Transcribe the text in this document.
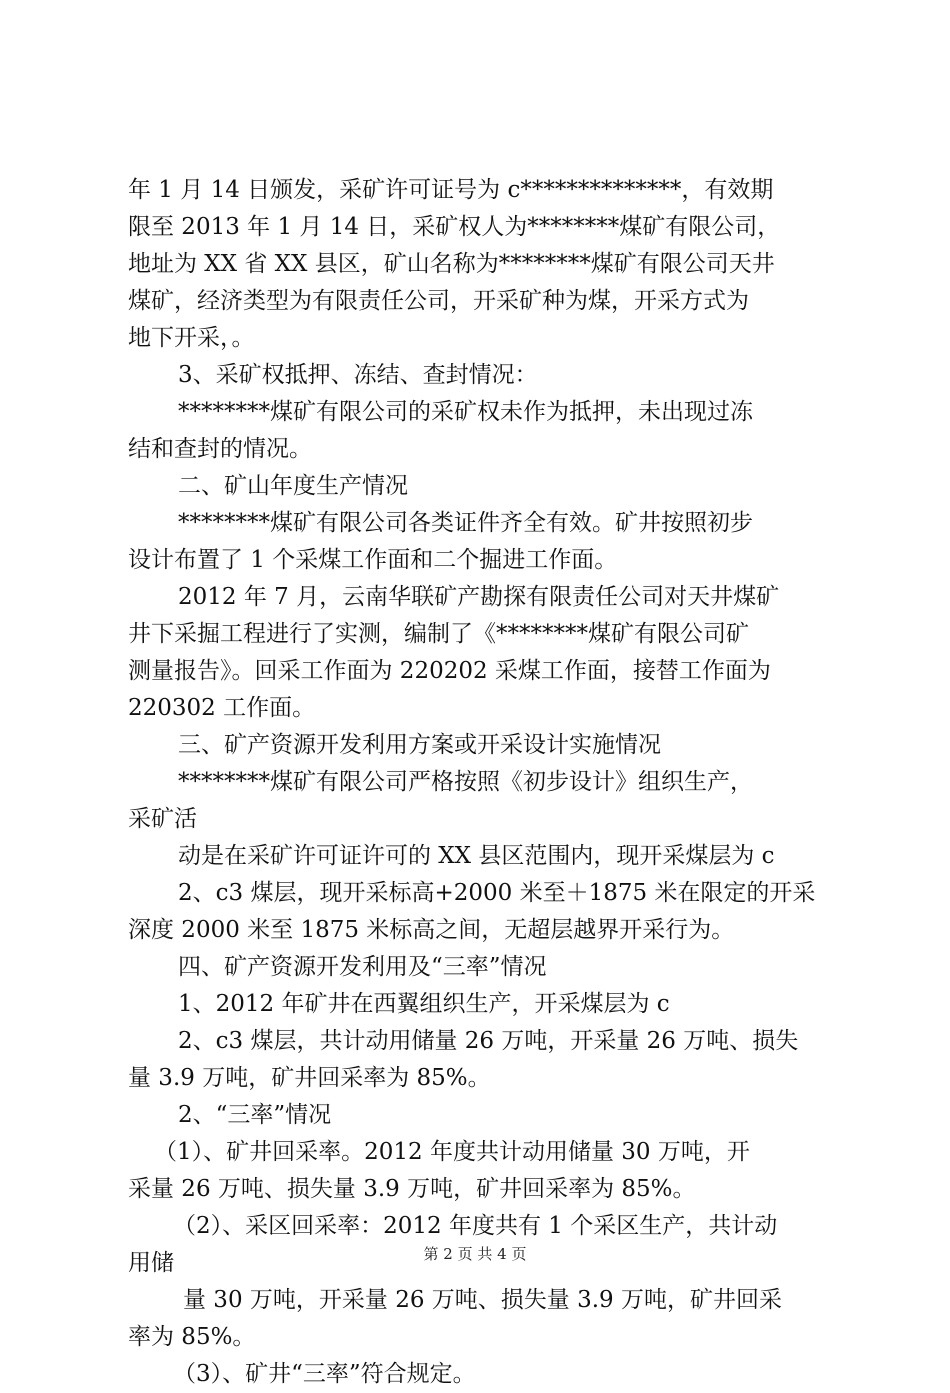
年 1 月 14 日颁发，采矿许可证号为 c**************，有效期
限至 2013 年 1 月 14 日，采矿权人为********煤矿有限公司，
地址为 XX 省 XX 县区，矿山名称为********煤矿有限公司天井
煤矿，经济类型为有限责任公司，开采矿种为煤，开采方式为
地下开采，。
3、采矿权抵押、冻结、查封情况：
********煤矿有限公司的采矿权未作为抵押，未出现过冻
结和查封的情况。
二、矿山年度生产情况
********煤矿有限公司各类证件齐全有效。矿井按照初步
设计布置了 1 个采煤工作面和二个掘进工作面。
2012 年 7 月，云南华联矿产勘探有限责任公司对天井煤矿
井下采掘工程进行了实测，编制了《********煤矿有限公司矿
测量报告》。回采工作面为 220202 采煤工作面，接替工作面为
220302 工作面。
三、矿产资源开发利用方案或开采设计实施情况
********煤矿有限公司严格按照《初步设计》组织生产，
采矿活
动是在采矿许可证许可的 XX 县区范围内，现开采煤层为 c
2、c3 煤层，现开采标高+2000 米至＋1875 米在限定的开采
深度 2000 米至 1875 米标高之间，无超层越界开采行为。
四、矿产资源开发利用及“三率”情况
1、2012 年矿井在西翼组织生产，开采煤层为 c
2、c3 煤层，共计动用储量 26 万吨，开采量 26 万吨、损失
量 3.9 万吨，矿井回采率为 85%。
2、“三率”情况
（1）、矿井回采率。2012 年度共计动用储量 30 万吨，开
采量 26 万吨、损失量 3.9 万吨，矿井回采率为 85%。
（2）、采区回采率：2012 年度共有 1 个采区生产，共计动
用储
量 30 万吨，开采量 26 万吨、损失量 3.9 万吨，矿井回采
率为 85%。
（3）、矿井“三率”符合规定。
第 2 页 共 4 页
